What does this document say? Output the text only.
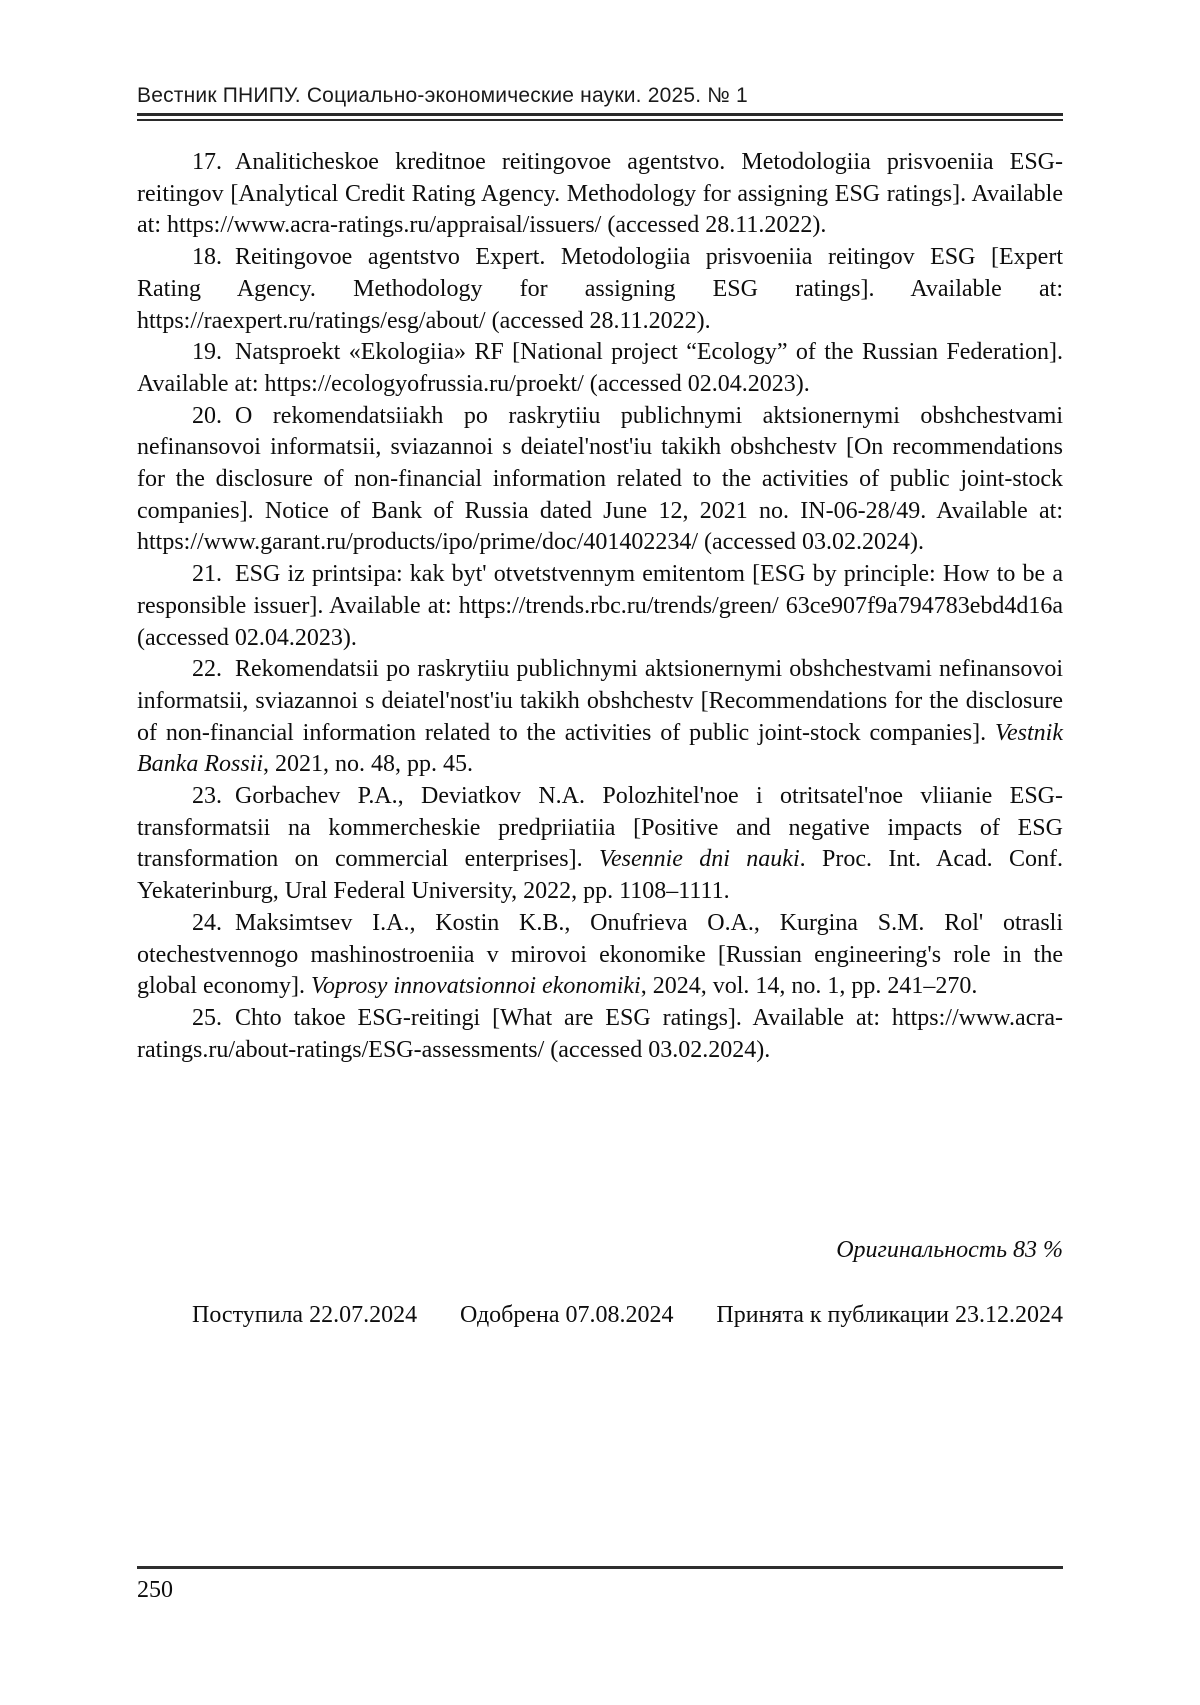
Вестник ПНИПУ. Социально-экономические науки. 2025. № 1

17. Analiticheskoe kreditnoe reitingovoe agentstvo. Metodologiia prisvoeniia ESG-reitingov [Analytical Credit Rating Agency. Methodology for assigning ESG ratings]. Available at: https://www.acra-ratings.ru/appraisal/issuers/ (accessed 28.11.2022).

18. Reitingovoe agentstvo Expert. Metodologiia prisvoeniia reitingov ESG [Expert Rating Agency. Methodology for assigning ESG ratings]. Available at: https://raexpert.ru/ratings/esg/about/ (accessed 28.11.2022).

19. Natsproekt «Ekologiia» RF [National project “Ecology” of the Russian Federation]. Available at: https://ecologyofrussia.ru/proekt/ (accessed 02.04.2023).

20. O rekomendatsiiakh po raskrytiiu publichnymi aktsionernymi obshchestvami nefinansovoi informatsii, sviazannoi s deiatel'nost'iu takikh obshchestv [On recommendations for the disclosure of non-financial information related to the activities of public joint-stock companies]. Notice of Bank of Russia dated June 12, 2021 no. IN-06-28/49. Available at: https://www.garant.ru/products/ipo/prime/doc/401402234/ (accessed 03.02.2024).

21. ESG iz printsipa: kak byt' otvetstvennym emitentom [ESG by principle: How to be a responsible issuer]. Available at: https://trends.rbc.ru/trends/green/ 63ce907f9a794783ebd4d16a (accessed 02.04.2023).

22. Rekomendatsii po raskrytiiu publichnymi aktsionernymi obshchestvami nefinansovoi informatsii, sviazannoi s deiatel'nost'iu takikh obshchestv [Recommendations for the disclosure of non-financial information related to the activities of public joint-stock companies]. Vestnik Banka Rossii, 2021, no. 48, pp. 45.

23. Gorbachev P.A., Deviatkov N.A. Polozhitel'noe i otritsatel'noe vliianie ESG-transformatsii na kommercheskie predpriiatiia [Positive and negative impacts of ESG transformation on commercial enterprises]. Vesennie dni nauki. Proc. Int. Acad. Conf. Yekaterinburg, Ural Federal University, 2022, pp. 1108–1111.

24. Maksimtsev I.A., Kostin K.B., Onufrieva O.A., Kurgina S.M. Rol' otrasli otechestvennogo mashinostroeniia v mirovoi ekonomike [Russian engineering's role in the global economy]. Voprosy innovatsionnoi ekonomiki, 2024, vol. 14, no. 1, pp. 241–270.

25. Chto takoe ESG-reitingi [What are ESG ratings]. Available at: https://www.acra-ratings.ru/about-ratings/ESG-assessments/ (accessed 03.02.2024).

Оригинальность 83 %
Поступила 22.07.2024 Одобрена 07.08.2024 Принята к публикации 23.12.2024
250
